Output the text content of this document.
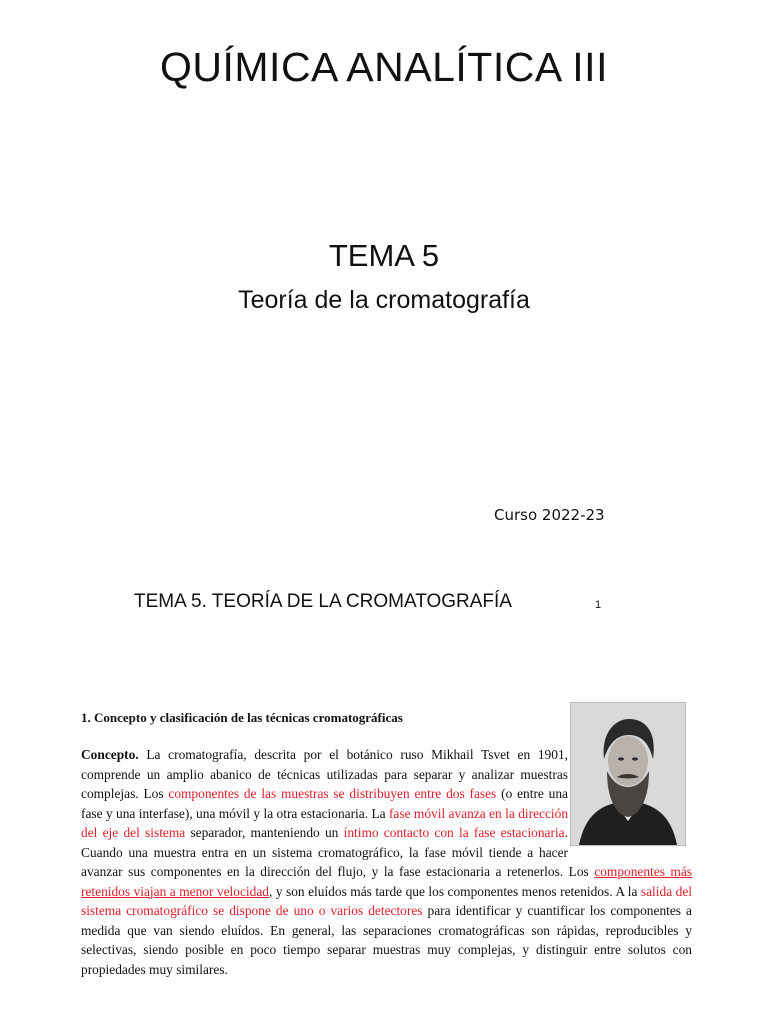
QUÍMICA ANALÍTICA III
TEMA 5
Teoría de la cromatografía
Curso 2022-23
TEMA 5. TEORÍA DE LA CROMATOGRAFÍA	1
1. Concepto y clasificación de las técnicas cromatográficas
Concepto. La cromatografía, descrita por el botánico ruso Mikhail Tsvet en 1901, comprende un amplio abanico de técnicas utilizadas para separar y analizar muestras complejas. Los componentes de las muestras se distribuyen entre dos fases (o entre una fase y una interfase), una móvil y la otra estacionaria. La fase móvil avanza en la dirección del eje del sistema separador, manteniendo un íntimo contacto con la fase estacionaria. Cuando una muestra entra en un sistema cromatográfico, la fase móvil tiende a hacer avanzar sus componentes en la dirección del flujo, y la fase estacionaria a retenerlos. Los componentes más retenidos viajan a menor velocidad, y son eluídos más tarde que los componentes menos retenidos. A la salida del sistema cromatográfico se dispone de uno o varios detectores para identificar y cuantificar los componentes a medida que van siendo eluídos. En general, las separaciones cromatográficas son rápidas, reproducibles y selectivas, siendo posible en poco tiempo separar muestras muy complejas, y distinguir entre solutos con propiedades muy similares.
